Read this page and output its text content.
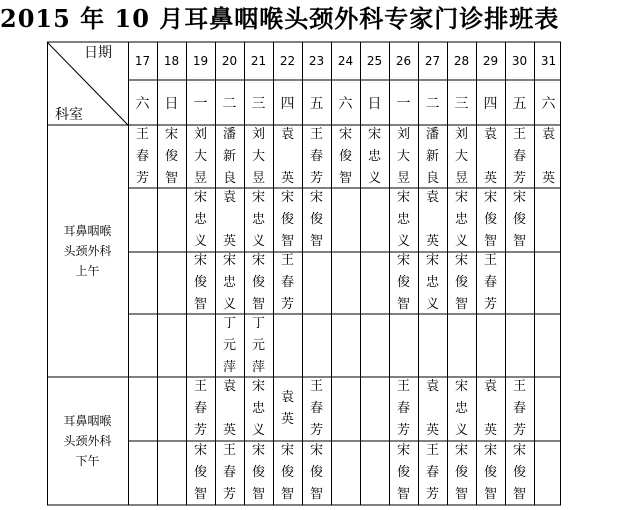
2015 年 10 月耳鼻咽喉头颈外科专家门诊排班表
日期
科室
17
六
18
日
19
一
20
二
21
三
22
四
23
五
24
六
25
日
26
一
27
二
28
三
29
四
30
五
31
六
耳鼻咽喉
头颈外科
上午
耳鼻咽喉
头颈外科
下午
王
春
芳
宋
俊
智
刘
大
昱
潘
新
良
刘
大
昱
袁

英
王
春
芳
宋
俊
智
宋
忠
义
刘
大
昱
潘
新
良
刘
大
昱
袁

英
王
春
芳
袁

英
宋
忠
义
袁

英
宋
忠
义
宋
俊
智
宋
俊
智
宋
忠
义
袁

英
宋
忠
义
宋
俊
智
宋
俊
智
宋
俊
智
宋
忠
义
宋
俊
智
王
春
芳
宋
俊
智
宋
忠
义
宋
俊
智
王
春
芳
丁
元
萍
丁
元
萍
王
春
芳
袁

英
宋
忠
义
袁
英

王
春
芳
王
春
芳
袁

英
宋
忠
义
袁

英
王
春
芳
宋
俊
智
王
春
芳
宋
俊
智
宋
俊
智
宋
俊
智
宋
俊
智
王
春
芳
宋
俊
智
宋
俊
智
宋
俊
智
